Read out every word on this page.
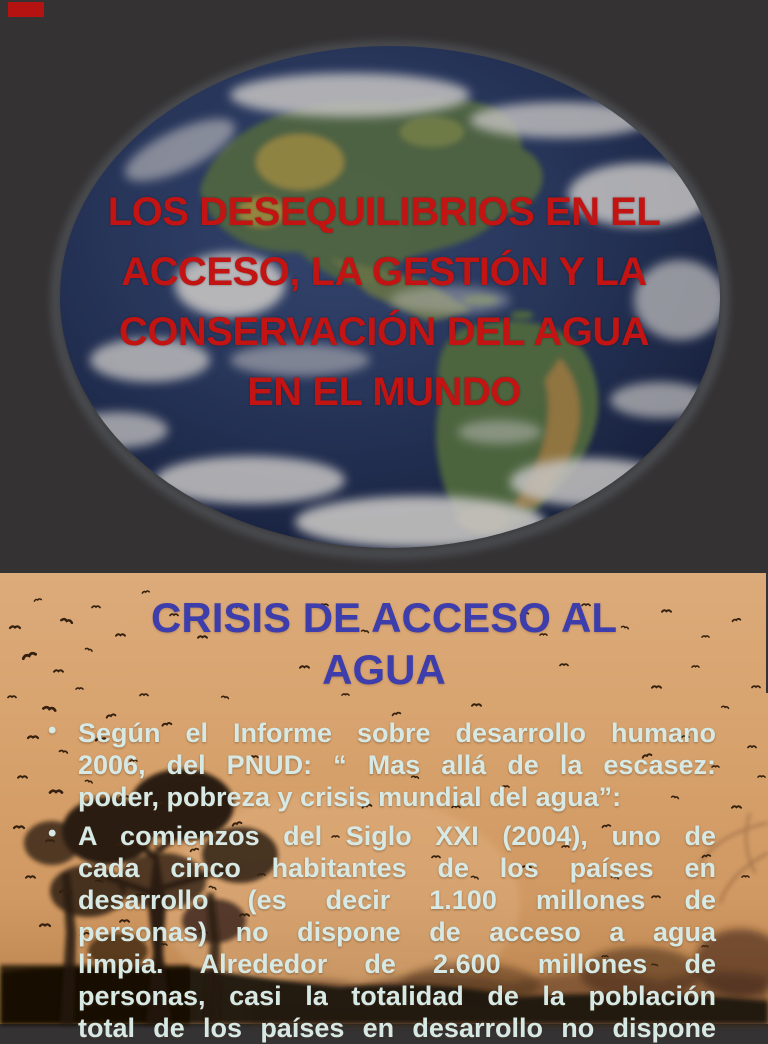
LOS DESEQUILIBRIOS EN EL
ACCESO, LA GESTIÓN Y LA
CONSERVACIÓN DEL AGUA
EN EL MUNDO
CRISIS DE ACCESO AL
AGUA
• Según el Informe sobre desarrollo humano
2006, del PNUD: “ Mas allá de la escasez:
poder, pobreza y crisis mundial del agua”:
• A comienzos del Siglo XXI (2004), uno de
cada cinco habitantes de los países en
desarrollo (es decir 1.100 millones de
personas) no dispone de acceso a agua
limpia. Alrededor de 2.600 millones de
personas, casi la totalidad de la población
total de los países en desarrollo no dispone
